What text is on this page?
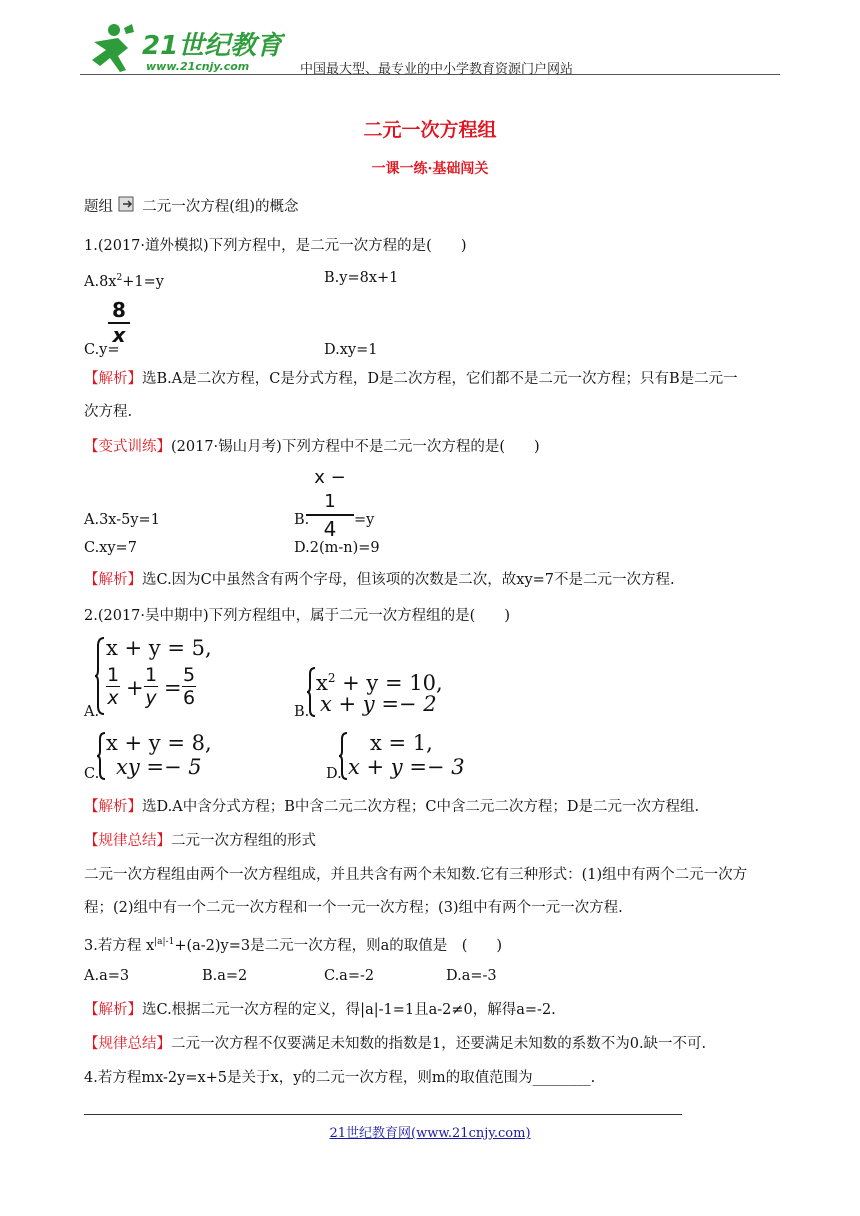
21世纪教育
www.21cnjy.com	中国最大型、最专业的中小学教育资源门户网站
二元一次方程组
一课一练·基础闯关
题组 二元一次方程(组)的概念
1.(2017·道外模拟)下列方程中，是二元一次方程的是(　　)
$A.8x^2+1=y$	B.y=8x+1
C.y=
8
x
D.xy=1
【解析】选B.A是二次方程，C是分式方程，D是二次方程，它们都不是二元一次方程；只有B是二元一
次方程.
【变式训练】(2017·锡山月考)下列方程中不是二元一次方程的是(　　)
A.3x-5y=1	B.
x − 1
4	=y
C.xy=7	D.2(m-n)=9
【解析】选C.因为C中虽然含有两个字母，但该项的次数是二次，故xy=7不是二元一次方程.
2.(2017·吴中期中)下列方程组中，属于二元一次方程组的是(　　)
A.
x + y = 5,
1
x +
1
y =
5
6
B.
$x^2 + y = 10$,
x + y =− 2
C.
x + y = 8,
xy =− 5	D.
x = 1,
x + y =− 3
【解析】选D.A中含分式方程；B中含二元二次方程；C中含二元二次方程；D是二元一次方程组.
【规律总结】二元一次方程组的形式
二元一次方程组由两个一次方程组成，并且共含有两个未知数.它有三种形式：(1)组中有两个二元一次方
程；(2)组中有一个二元一次方程和一个一元一次方程；(3)组中有两个一元一次方程.
3.若方程 $x^{|a|-1}+(a-2)y=3$是二元一次方程，则a的取值是　(　　)
A.a=3	B.a=2	C.a=-2	D.a=-3
【解析】选C.根据二元一次方程的定义，得|a|-1=1且a-2≠0，解得a=-2.
【规律总结】二元一次方程不仅要满足未知数的指数是1，还要满足未知数的系数不为0.缺一不可.
4.若方程mx-2y=x+5是关于x，y的二元一次方程，则m的取值范围为________.
21世纪教育网(www.21cnjy.com)
